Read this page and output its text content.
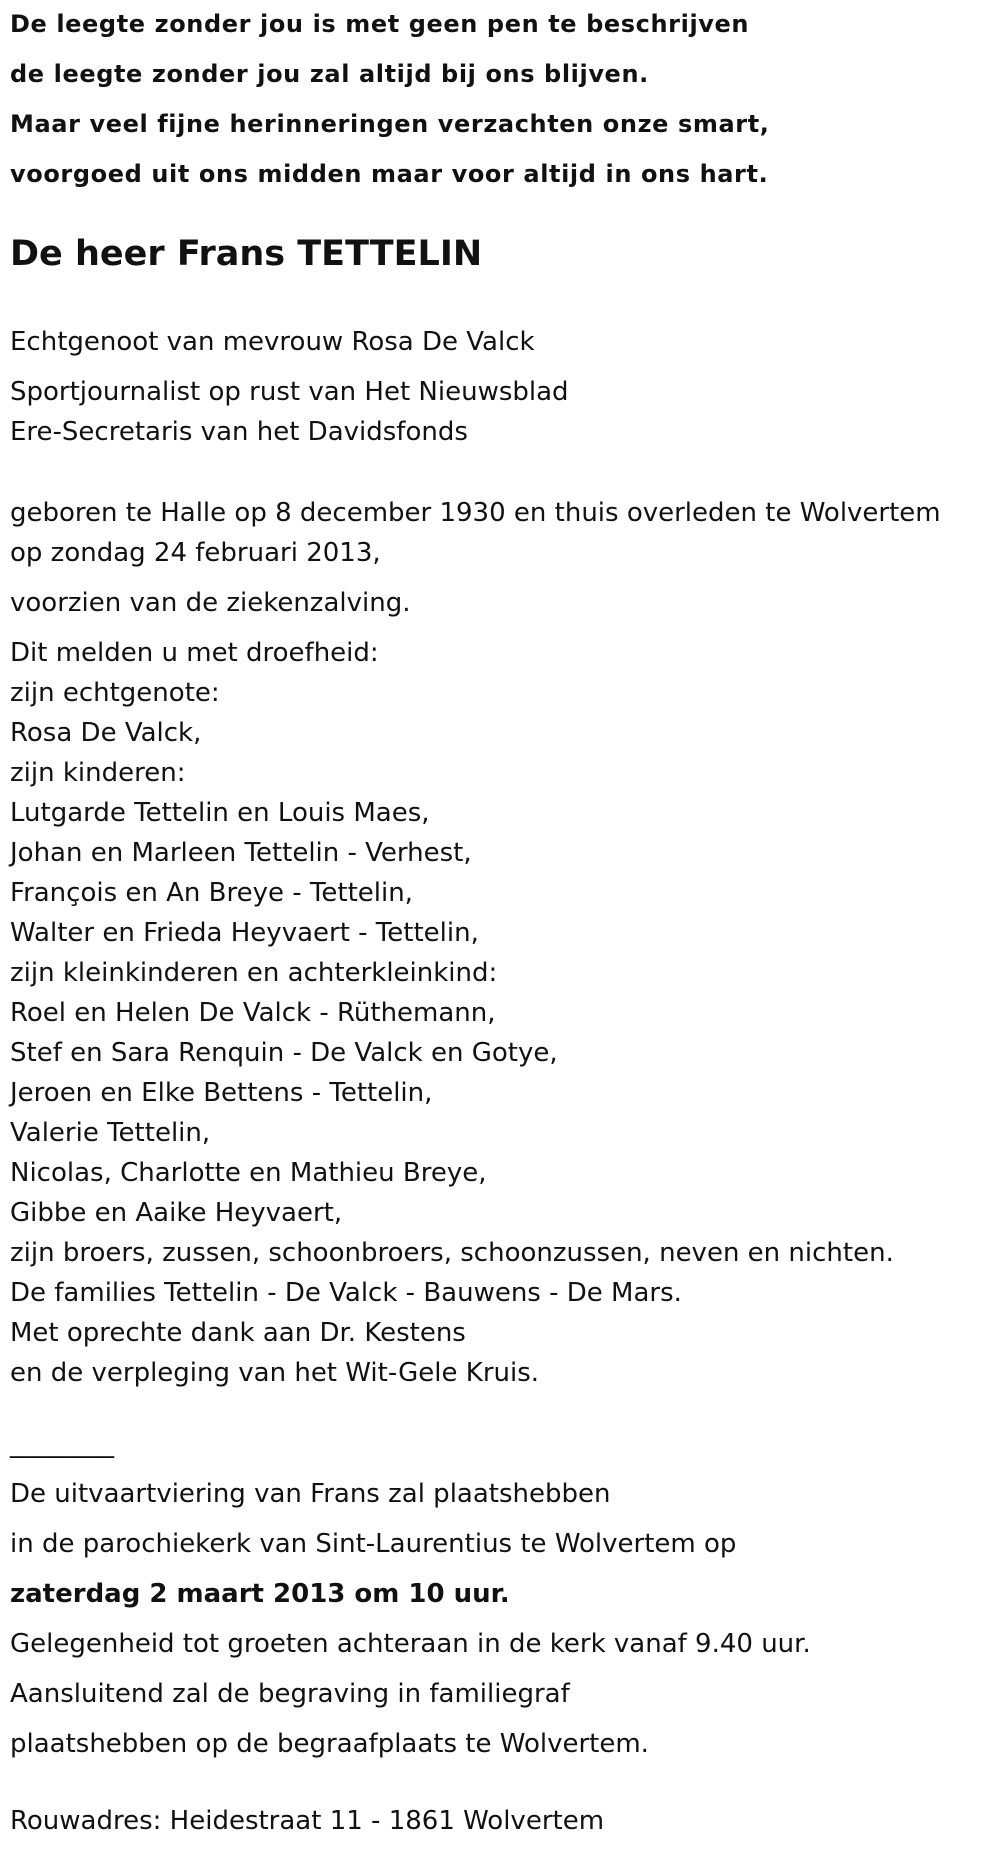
De leegte zonder jou is met geen pen te beschrijven
de leegte zonder jou zal altijd bij ons blijven.
Maar veel fijne herinneringen verzachten onze smart,
voorgoed uit ons midden maar voor altijd in ons hart.
De heer Frans TETTELIN
Echtgenoot van mevrouw Rosa De Valck
Sportjournalist op rust van Het Nieuwsblad
Ere-Secretaris van het Davidsfonds
geboren te Halle op 8 december 1930 en thuis overleden te Wolvertem
op zondag 24 februari 2013,
voorzien van de ziekenzalving.
Dit melden u met droefheid:
zijn echtgenote:
Rosa De Valck,
zijn kinderen:
Lutgarde Tettelin en Louis Maes,
Johan en Marleen Tettelin - Verhest,
François en An Breye - Tettelin,
Walter en Frieda Heyvaert - Tettelin,
zijn kleinkinderen en achterkleinkind:
Roel en Helen De Valck - Rüthemann,
Stef en Sara Renquin - De Valck en Gotye,
Jeroen en Elke Bettens - Tettelin,
Valerie Tettelin,
Nicolas, Charlotte en Mathieu Breye,
Gibbe en Aaike Heyvaert,
zijn broers, zussen, schoonbroers, schoonzussen, neven en nichten.
De families Tettelin - De Valck - Bauwens - De Mars.
Met oprechte dank aan Dr. Kestens
en de verpleging van het Wit-Gele Kruis.
________
De uitvaartviering van Frans zal plaatshebben
in de parochiekerk van Sint-Laurentius te Wolvertem op
zaterdag 2 maart 2013 om 10 uur.
Gelegenheid tot groeten achteraan in de kerk vanaf 9.40 uur.
Aansluitend zal de begraving in familiegraf
plaatshebben op de begraafplaats te Wolvertem.
Rouwadres: Heidestraat 11 - 1861 Wolvertem
